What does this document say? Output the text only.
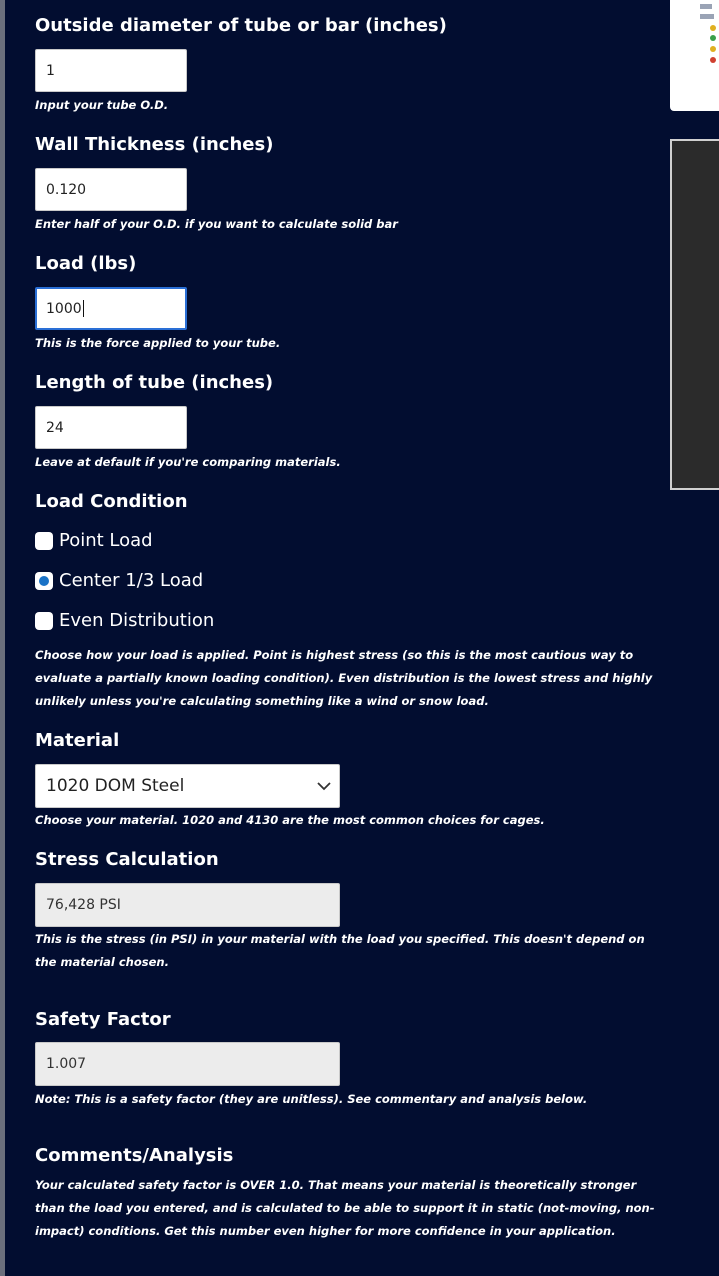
Outside diameter of tube or bar (inches)
1
Input your tube O.D.
Wall Thickness (inches)
0.120
Enter half of your O.D. if you want to calculate solid bar
Load (lbs)
1000
This is the force applied to your tube.
Length of tube (inches)
24
Leave at default if you're comparing materials.
Load Condition
Point Load
Center 1/3 Load
Even Distribution
Choose how your load is applied. Point is highest stress (so this is the most cautious way to evaluate a partially known loading condition). Even distribution is the lowest stress and highly unlikely unless you're calculating something like a wind or snow load.
Material
1020 DOM Steel
Choose your material. 1020 and 4130 are the most common choices for cages.
Stress Calculation
76,428 PSI
This is the stress (in PSI) in your material with the load you specified. This doesn't depend on the material chosen.
Safety Factor
1.007
Note: This is a safety factor (they are unitless). See commentary and analysis below.
Comments/Analysis
Your calculated safety factor is OVER 1.0. That means your material is theoretically stronger than the load you entered, and is calculated to be able to support it in static (not-moving, non-impact) conditions. Get this number even higher for more confidence in your application.
